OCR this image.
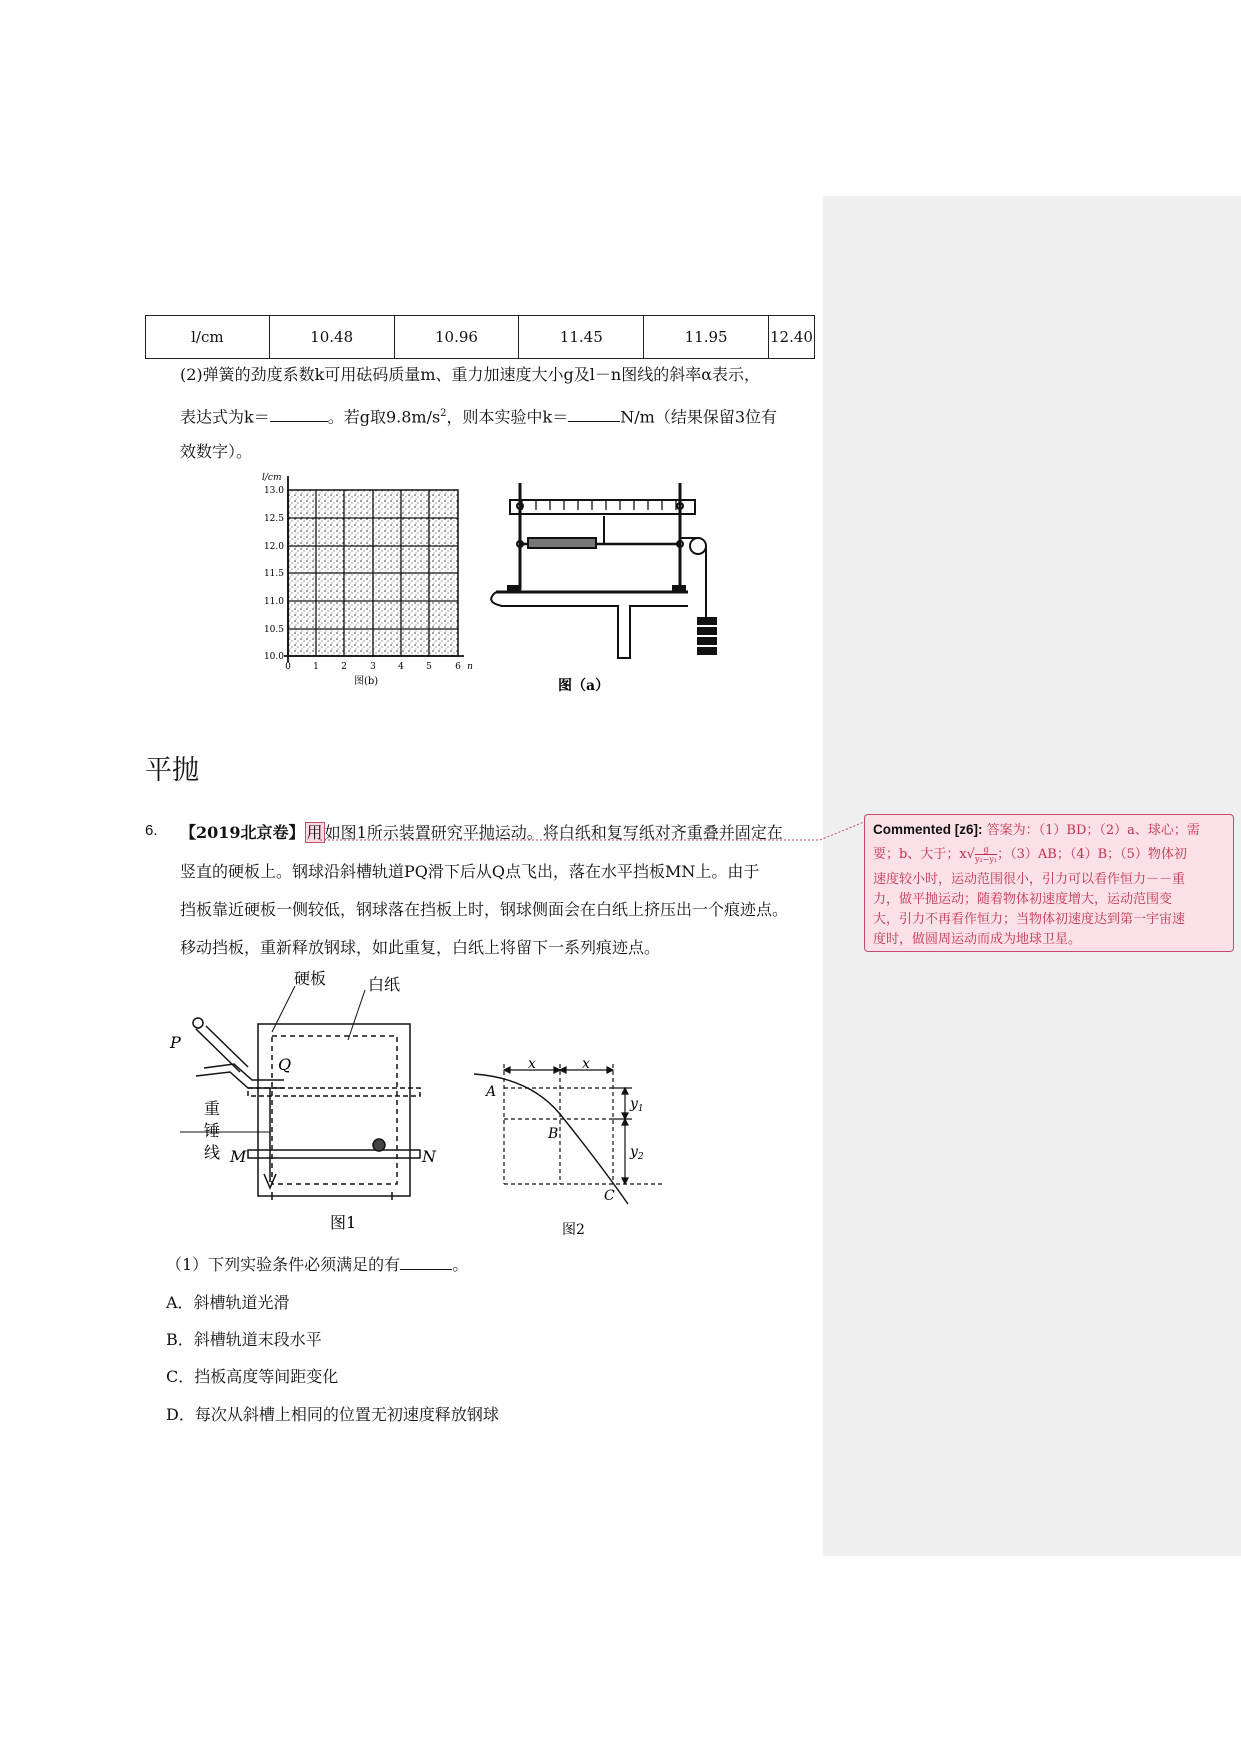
l/cm	10.48	10.96	11.45	11.95	12.40
(2)弹簧的劲度系数k可用砝码质量m、重力加速度大小g及l－n图线的斜率α表示，
表达式为k＝	。若g取$9.8m/s^2$，则本实验中k＝	N/m（结果保留3位有
效数字）。
l/cm
13.0
12.5
12.0
11.5
11.0
10.5
10.0
0 1 2	3 4 5	6 n
图(b)	图（a）
平抛
6. 【2019北京卷】 用 如图1所示装置研究平抛运动。将白纸和复写纸对齐重叠并固定在
竖直的硬板上。钢球沿斜槽轨道PQ滑下后从Q点飞出，落在水平挡板MN上。由于
挡板靠近硬板一侧较低，钢球落在挡板上时，钢球侧面会在白纸上挤压出一个痕迹点。
移动挡板，重新释放钢球，如此重复，白纸上将留下一系列痕迹点。
硬板	白纸
P
Q
M	N
重
锤
线
图1
A
B
C
x	x
$y_1$
$y_2$
图2
（1）下列实验条件必须满足的有	。
A．斜槽轨道光滑
B．斜槽轨道末段水平
C．挡板高度等间距变化
D．每次从斜槽上相同的位置无初速度释放钢球
Commented [z6]: 答案为：（1）BD；（2）a、球心；需
要；b、大于；$x√ \frac{g}{\text{y₂−y₁}}$ ；（3）AB；（4）B；（5）物体初
速度较小时，运动范围很小，引力可以看作恒力－－重
力，做平抛运动；随着物体初速度增大，运动范围变
大，引力不再看作恒力；当物体初速度达到第一宇宙速
度时，做圆周运动而成为地球卫星。
